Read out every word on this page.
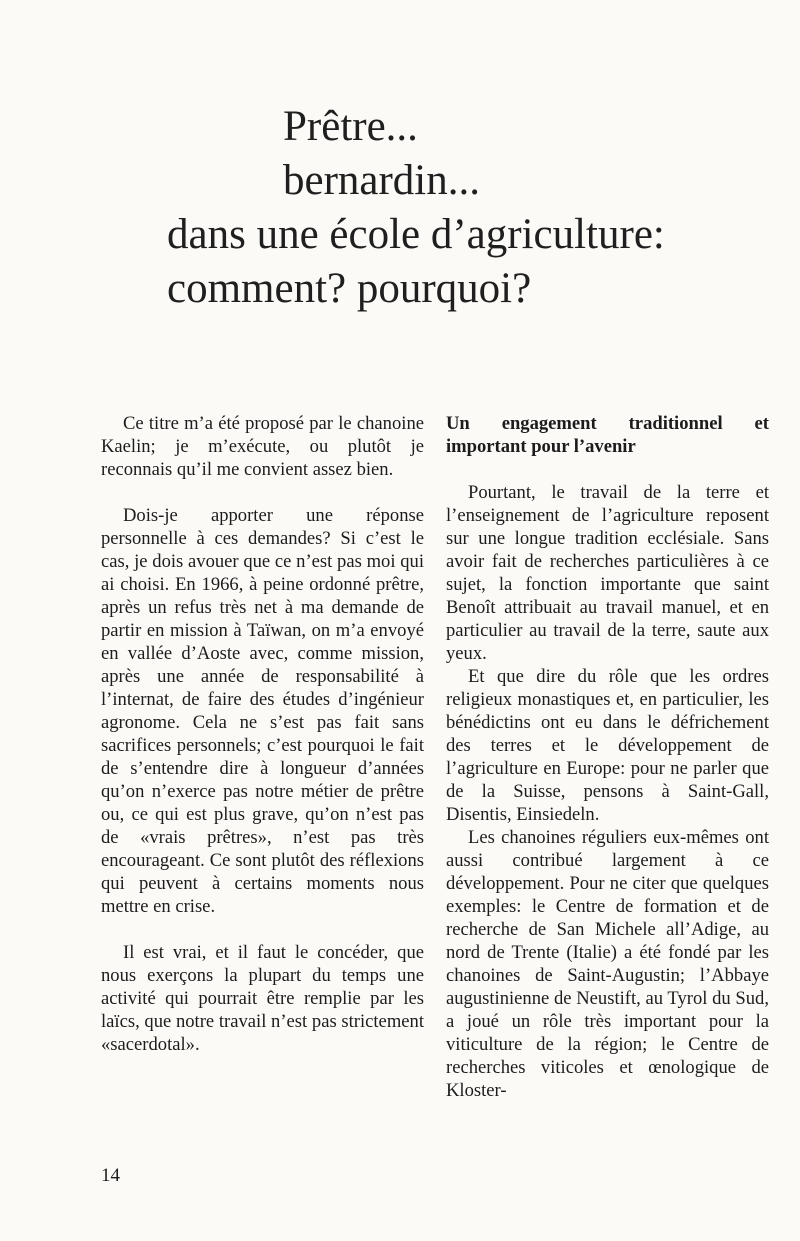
Prêtre...
bernardin...
dans une école d’agriculture:
comment? pourquoi?

Ce titre m’a été proposé par le chanoine Kaelin; je m’exécute, ou plutôt je reconnais qu’il me convient assez bien.

Dois-je apporter une réponse personnelle à ces demandes? Si c’est le cas, je dois avouer que ce n’est pas moi qui ai choisi. En 1966, à peine ordonné prêtre, après un refus très net à ma demande de partir en mission à Taïwan, on m’a envoyé en vallée d’Aoste avec, comme mission, après une année de responsabilité à l’internat, de faire des études d’ingénieur agronome. Cela ne s’est pas fait sans sacrifices personnels; c’est pourquoi le fait de s’entendre dire à longueur d’années qu’on n’exerce pas notre métier de prêtre ou, ce qui est plus grave, qu’on n’est pas de «vrais prêtres», n’est pas très encourageant. Ce sont plutôt des réflexions qui peuvent à certains moments nous mettre en crise.

Il est vrai, et il faut le concéder, que nous exerçons la plupart du temps une activité qui pourrait être remplie par les laïcs, que notre travail n’est pas strictement «sacerdotal».

Un engagement traditionnel et important pour l’avenir

Pourtant, le travail de la terre et l’enseignement de l’agriculture reposent sur une longue tradition ecclésiale. Sans avoir fait de recherches particulières à ce sujet, la fonction importante que saint Benoît attribuait au travail manuel, et en particulier au travail de la terre, saute aux yeux.

Et que dire du rôle que les ordres religieux monastiques et, en particulier, les bénédictins ont eu dans le défrichement des terres et le développement de l’agriculture en Europe: pour ne parler que de la Suisse, pensons à Saint-Gall, Disentis, Einsiedeln.

Les chanoines réguliers eux-mêmes ont aussi contribué largement à ce développement. Pour ne citer que quelques exemples: le Centre de formation et de recherche de San Michele all’Adige, au nord de Trente (Italie) a été fondé par les chanoines de Saint-Augustin; l’Abbaye augustinienne de Neustift, au Tyrol du Sud, a joué un rôle très important pour la viticulture de la région; le Centre de recherches viticoles et œnologique de Kloster-

14
